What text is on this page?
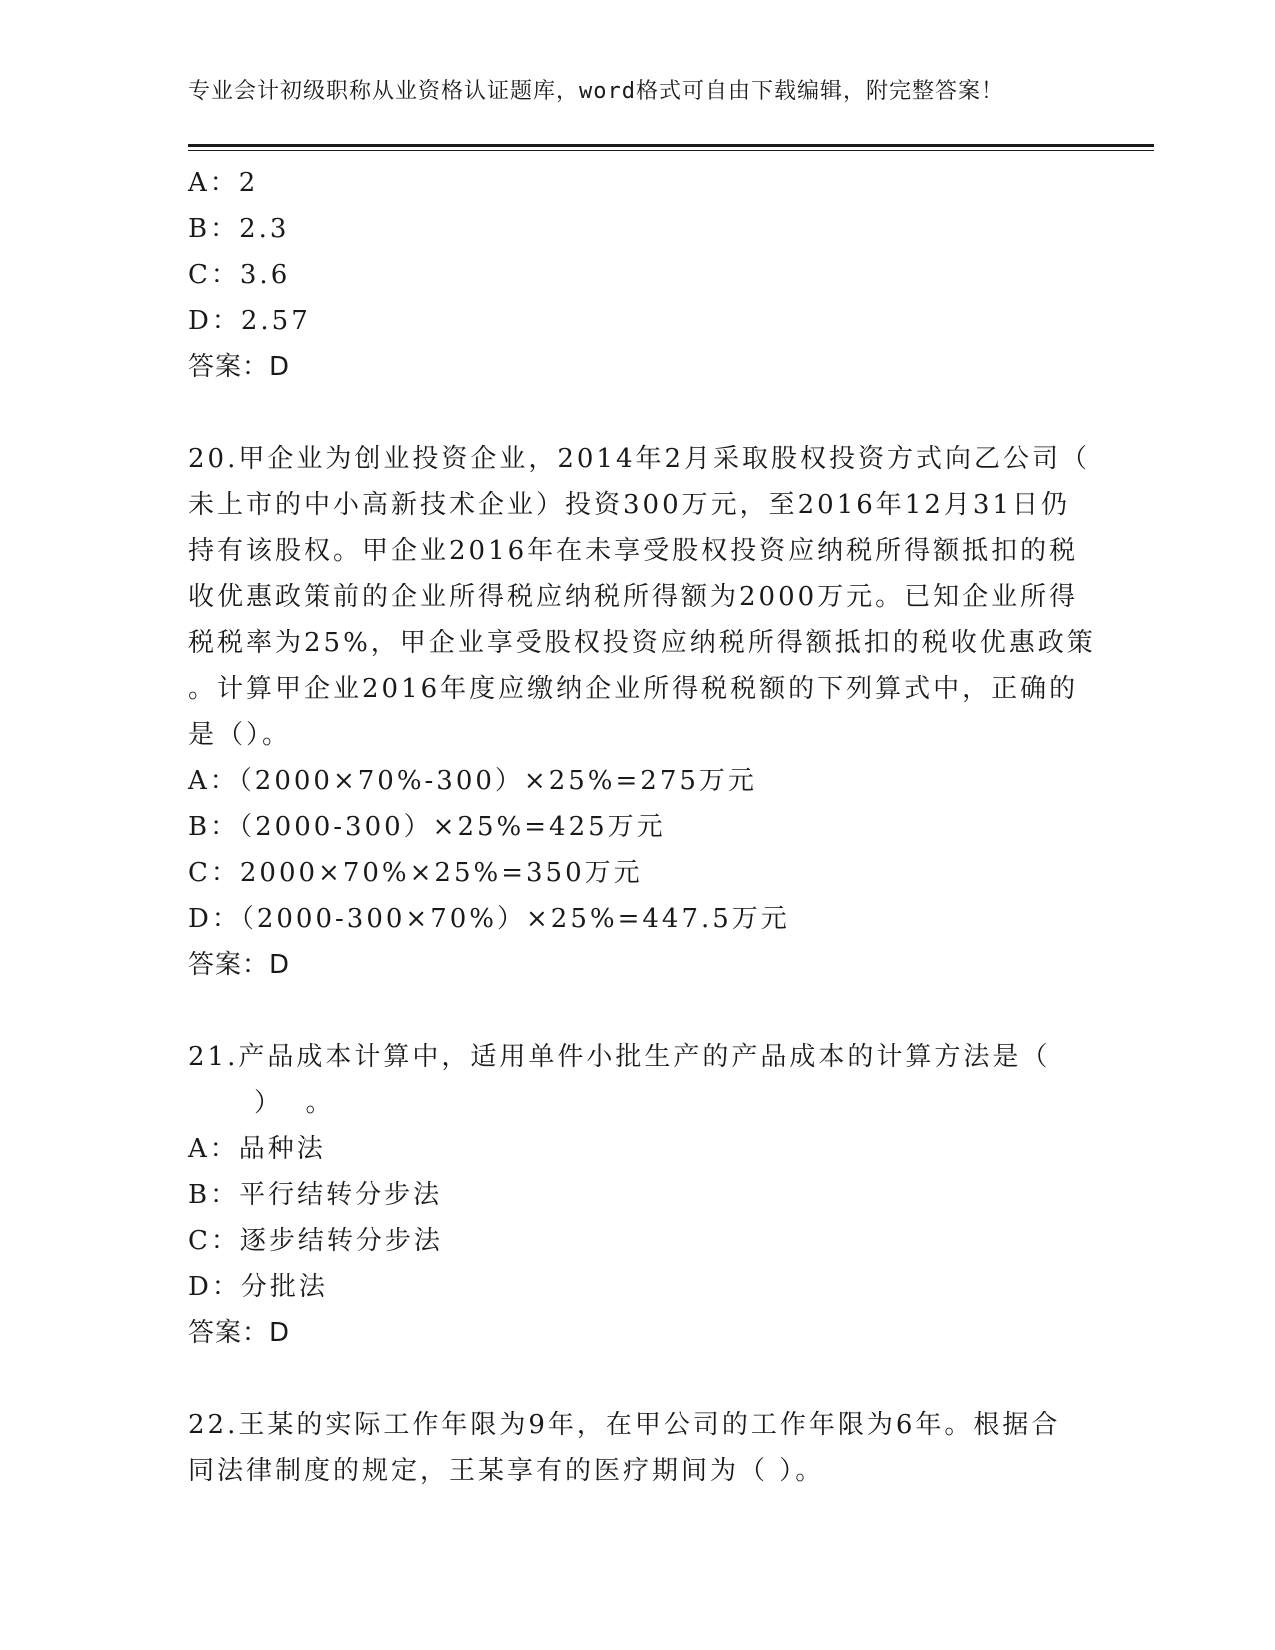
专业会计初级职称从业资格认证题库，word格式可自由下载编辑，附完整答案！
A：2
B：2.3
C：3.6
D：2.57
答案：D
20.甲企业为创业投资企业，2014年2月采取股权投资方式向乙公司（
未上市的中小高新技术企业）投资300万元，至2016年12月31日仍
持有该股权。甲企业2016年在未享受股权投资应纳税所得额抵扣的税
收优惠政策前的企业所得税应纳税所得额为2000万元。已知企业所得
税税率为25%，甲企业享受股权投资应纳税所得额抵扣的税收优惠政策
。计算甲企业2016年度应缴纳企业所得税税额的下列算式中，正确的
是（）。
A：（2000×70%-300）×25%=275万元
B：（2000-300）×25%=425万元
C：2000×70%×25%=350万元
D：（2000-300×70%）×25%=447.5万元
答案：D
21.产品成本计算中，适用单件小批生产的产品成本的计算方法是（
）  。
A：品种法
B：平行结转分步法
C：逐步结转分步法
D：分批法
答案：D
22.王某的实际工作年限为9年，在甲公司的工作年限为6年。根据合
同法律制度的规定，王某享有的医疗期间为（ ）。
